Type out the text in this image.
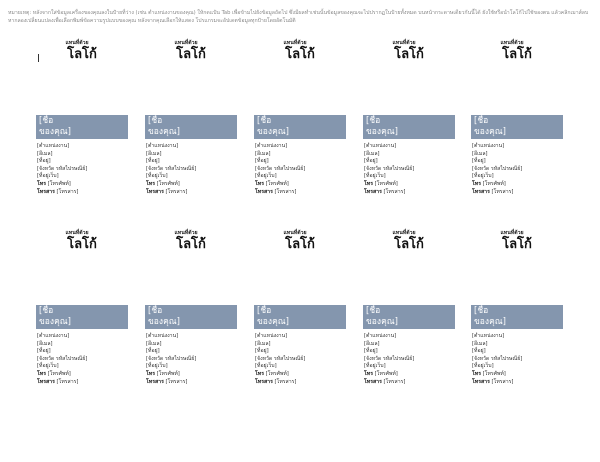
หมายเหตุ: หลังจากใส่ข้อมูลเครื่องของคุณลงในป้ายที่ว่าง (เช่น ตำแหน่งงานของคุณ) ให้กดแป้น Tab เพื่อข้ามไปยังข้อมูลถัดไป ซึ่งมีผลทำเช่นนั้นข้อมูลของคุณจะไปปรากฏในป้ายทั้งหมด บนหน้ากระดาษเดียวกันนี้ได้ ยังใช้หรือนำโลโก้ไปใช้ของตน แล้วคลิกเมาส์ลบหากลองเปลี่ยนแปลงเพื่อเลือกพิมพ์ข้อความรูปแบบของคุณ หลังจากคุณเลือกให้แสดง โปรแกรมจะอัปเดตข้อมูลทุกป้ายโดยอัตโนมัติ
แทนที่ด้วย
โลโก้
[ชื่อ
ของคุณ]
[ตำแหน่งงาน]
[อีเมล]
[ที่อยู่]
[จังหวัด รหัสไปรษณีย์]
[ที่อยู่เว็บ]
โทร [โทรศัพท์]
โทรสาร [โทรสาร]
แทนที่ด้วย
โลโก้
[ชื่อ
ของคุณ]
[ตำแหน่งงาน]
[อีเมล]
[ที่อยู่]
[จังหวัด รหัสไปรษณีย์]
[ที่อยู่เว็บ]
โทร [โทรศัพท์]
โทรสาร [โทรสาร]
แทนที่ด้วย
โลโก้
[ชื่อ
ของคุณ]
[ตำแหน่งงาน]
[อีเมล]
[ที่อยู่]
[จังหวัด รหัสไปรษณีย์]
[ที่อยู่เว็บ]
โทร [โทรศัพท์]
โทรสาร [โทรสาร]
แทนที่ด้วย
โลโก้
[ชื่อ
ของคุณ]
[ตำแหน่งงาน]
[อีเมล]
[ที่อยู่]
[จังหวัด รหัสไปรษณีย์]
[ที่อยู่เว็บ]
โทร [โทรศัพท์]
โทรสาร [โทรสาร]
แทนที่ด้วย
โลโก้
[ชื่อ
ของคุณ]
[ตำแหน่งงาน]
[อีเมล]
[ที่อยู่]
[จังหวัด รหัสไปรษณีย์]
[ที่อยู่เว็บ]
โทร [โทรศัพท์]
โทรสาร [โทรสาร]
แทนที่ด้วย
โลโก้
[ชื่อ
ของคุณ]
[ตำแหน่งงาน]
[อีเมล]
[ที่อยู่]
[จังหวัด รหัสไปรษณีย์]
[ที่อยู่เว็บ]
โทร [โทรศัพท์]
โทรสาร [โทรสาร]
แทนที่ด้วย
โลโก้
[ชื่อ
ของคุณ]
[ตำแหน่งงาน]
[อีเมล]
[ที่อยู่]
[จังหวัด รหัสไปรษณีย์]
[ที่อยู่เว็บ]
โทร [โทรศัพท์]
โทรสาร [โทรสาร]
แทนที่ด้วย
โลโก้
[ชื่อ
ของคุณ]
[ตำแหน่งงาน]
[อีเมล]
[ที่อยู่]
[จังหวัด รหัสไปรษณีย์]
[ที่อยู่เว็บ]
โทร [โทรศัพท์]
โทรสาร [โทรสาร]
แทนที่ด้วย
โลโก้
[ชื่อ
ของคุณ]
[ตำแหน่งงาน]
[อีเมล]
[ที่อยู่]
[จังหวัด รหัสไปรษณีย์]
[ที่อยู่เว็บ]
โทร [โทรศัพท์]
โทรสาร [โทรสาร]
แทนที่ด้วย
โลโก้
[ชื่อ
ของคุณ]
[ตำแหน่งงาน]
[อีเมล]
[ที่อยู่]
[จังหวัด รหัสไปรษณีย์]
[ที่อยู่เว็บ]
โทร [โทรศัพท์]
โทรสาร [โทรสาร]
